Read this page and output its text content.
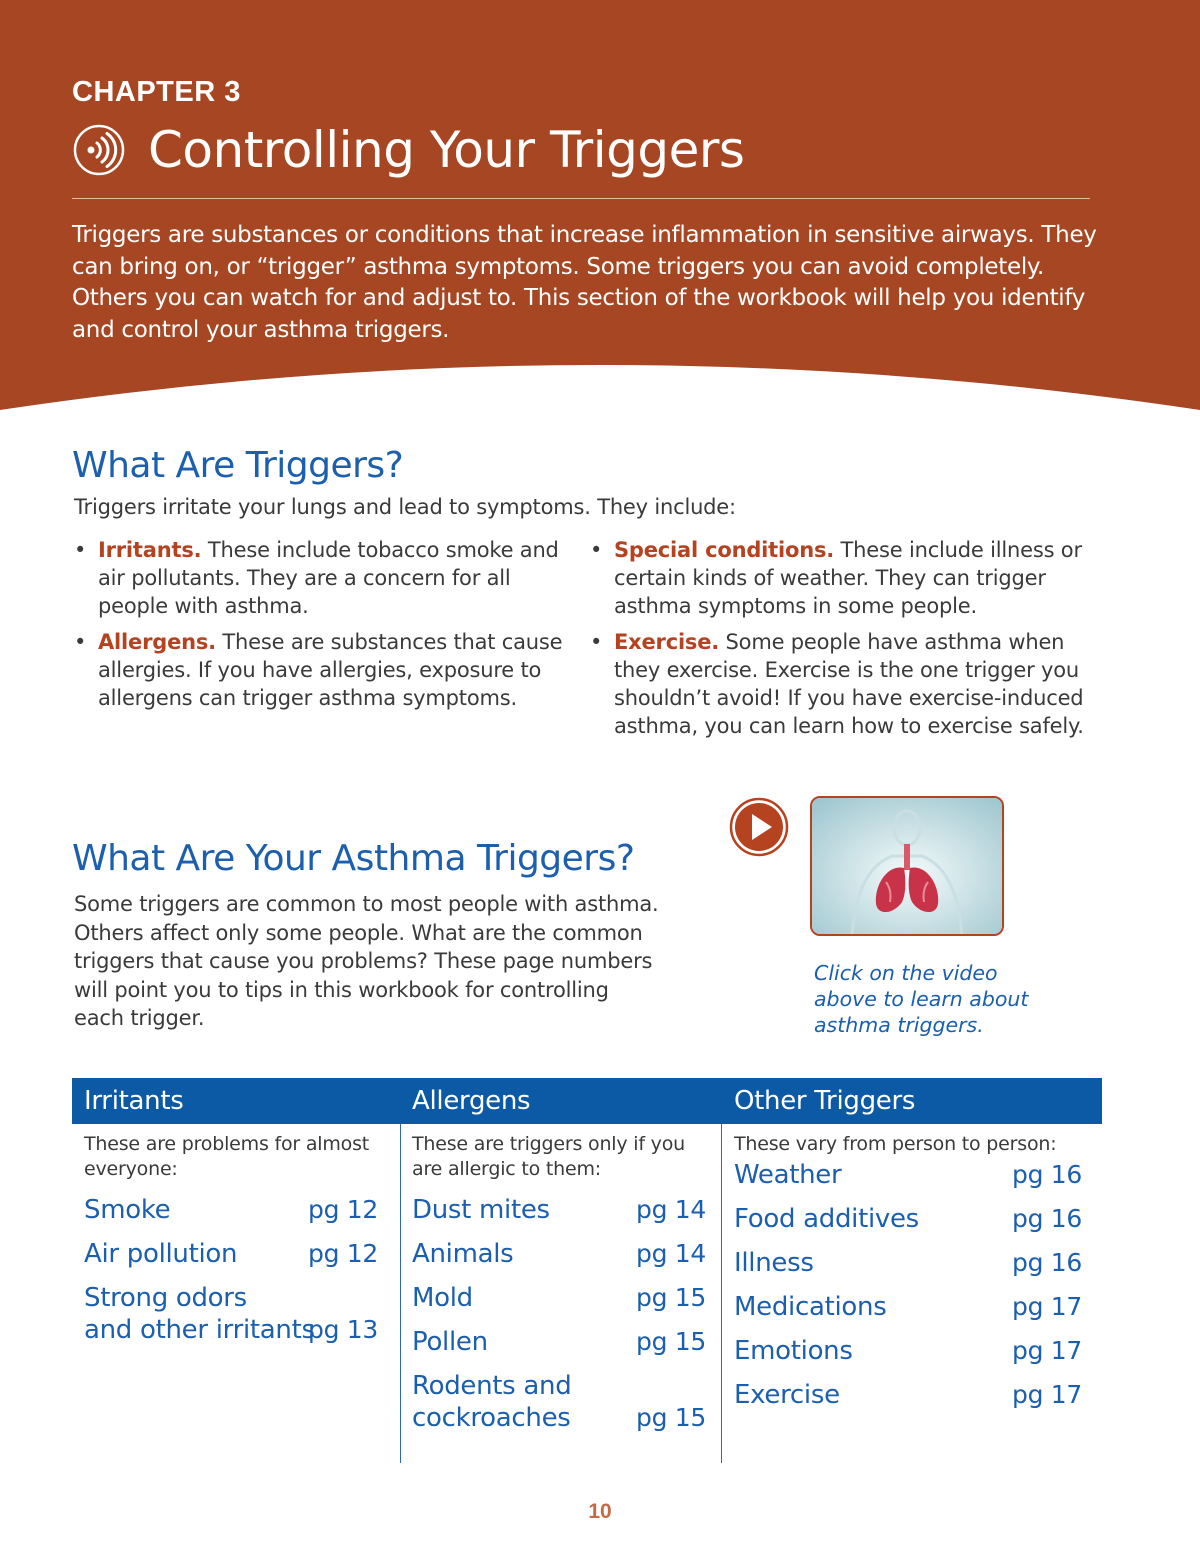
CHAPTER 3
Controlling Your Triggers

Triggers are substances or conditions that increase inflammation in sensitive airways. They can bring on, or “trigger” asthma symptoms. Some triggers you can avoid completely. Others you can watch for and adjust to. This section of the workbook will help you identify and control your asthma triggers.

What Are Triggers?

Triggers irritate your lungs and lead to symptoms. They include:

• Irritants. These include tobacco smoke and air pollutants. They are a concern for all people with asthma.
• Allergens. These are substances that cause allergies. If you have allergies, exposure to allergens can trigger asthma symptoms.
• Special conditions. These include illness or certain kinds of weather. They can trigger asthma symptoms in some people.
• Exercise. Some people have asthma when they exercise. Exercise is the one trigger you shouldn’t avoid! If you have exercise-induced asthma, you can learn how to exercise safely.
What Are Your Asthma Triggers?

Some triggers are common to most people with asthma. Others affect only some people. What are the common triggers that cause you problems? These page numbers will point you to tips in this workbook for controlling each trigger.

Click on the video above to learn about asthma triggers.

Irritants	Allergens	Other Triggers
These are problems for almost everyone:
Smoke	pg 12
Air pollution	pg 12
Strong odors
and other irritants
pg 13
These are triggers only if you are allergic to them:
Dust mites	pg 14
Animals	pg 14
Mold	pg 15
Pollen	pg 15
Rodents and
cockroaches	pg 15
These vary from person to person:
Weather	pg 16
Food additives	pg 16
Illness	pg 16
Medications	pg 17
Emotions	pg 17
Exercise	pg 17
10
